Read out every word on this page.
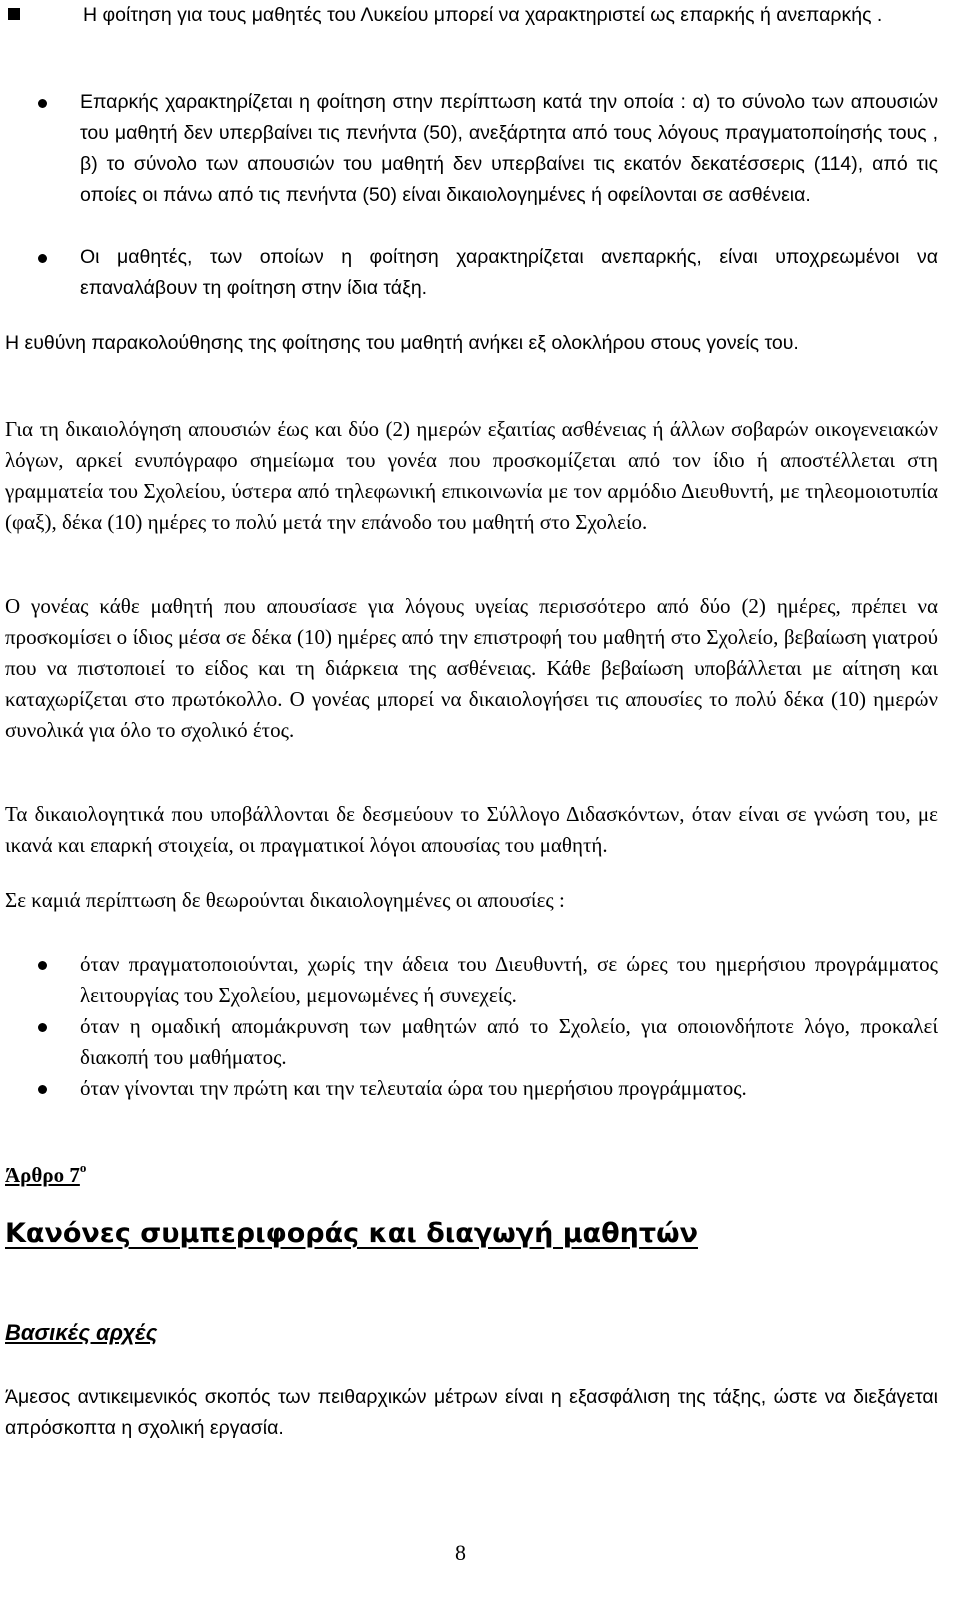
Η φοίτηση για τους μαθητές του Λυκείου μπορεί να χαρακτηριστεί ως επαρκής ή ανεπαρκής .

Επαρκής χαρακτηρίζεται η φοίτηση στην περίπτωση κατά την οποία : α) το σύνολο των απουσιών του μαθητή δεν υπερβαίνει τις πενήντα (50), ανεξάρτητα από τους λόγους πραγματοποίησής τους , β) το σύνολο των απουσιών του μαθητή δεν υπερβαίνει τις εκατόν δεκατέσσερις (114), από τις οποίες οι πάνω από τις πενήντα (50) είναι δικαιολογημένες ή οφείλονται σε ασθένεια.

Οι μαθητές, των οποίων η φοίτηση χαρακτηρίζεται ανεπαρκής, είναι υποχρεωμένοι να επαναλάβουν τη φοίτηση στην ίδια τάξη.

Η ευθύνη παρακολούθησης της φοίτησης του μαθητή ανήκει εξ ολοκλήρου στους γονείς του.

Για τη δικαιολόγηση απουσιών έως και δύο (2) ημερών εξαιτίας ασθένειας ή άλλων σοβαρών οικογενειακών λόγων, αρκεί ενυπόγραφο σημείωμα του γονέα που προσκομίζεται από τον ίδιο ή αποστέλλεται στη γραμματεία του Σχολείου, ύστερα από τηλεφωνική επικοινωνία με τον αρμόδιο Διευθυντή, με τηλεομοιοτυπία (φαξ), δέκα (10) ημέρες το πολύ μετά την επάνοδο του μαθητή στο Σχολείο.

Ο γονέας κάθε μαθητή που απουσίασε για λόγους υγείας περισσότερο από δύο (2) ημέρες, πρέπει να προσκομίσει ο ίδιος μέσα σε δέκα (10) ημέρες από την επιστροφή του μαθητή στο Σχολείο, βεβαίωση γιατρού που να πιστοποιεί το είδος και τη διάρκεια της ασθένειας. Κάθε βεβαίωση υποβάλλεται με αίτηση και καταχωρίζεται στο πρωτόκολλο. Ο γονέας μπορεί να δικαιολογήσει τις απουσίες το πολύ δέκα (10) ημερών συνολικά για όλο το σχολικό έτος.

Τα δικαιολογητικά που υποβάλλονται δε δεσμεύουν το Σύλλογο Διδασκόντων, όταν είναι σε γνώση του, με ικανά και επαρκή στοιχεία, οι πραγματικοί λόγοι απουσίας του μαθητή.

Σε καμιά περίπτωση δε θεωρούνται δικαιολογημένες οι απουσίες :

όταν πραγματοποιούνται, χωρίς την άδεια του Διευθυντή, σε ώρες του ημερήσιου προγράμματος λειτουργίας του Σχολείου, μεμονωμένες ή συνεχείς.

όταν η ομαδική απομάκρυνση των μαθητών από το Σχολείο, για οποιονδήποτε λόγο, προκαλεί διακοπή του μαθήματος.

όταν γίνονται την πρώτη και την τελευταία ώρα του ημερήσιου προγράμματος.

Άρθρο $7^o$

Κανόνες συμπεριφοράς και διαγωγή μαθητών

Βασικές αρχές

Άμεσος αντικειμενικός σκοπός των πειθαρχικών μέτρων είναι η εξασφάλιση της τάξης, ώστε να διεξάγεται απρόσκοπτα η σχολική εργασία.

8
